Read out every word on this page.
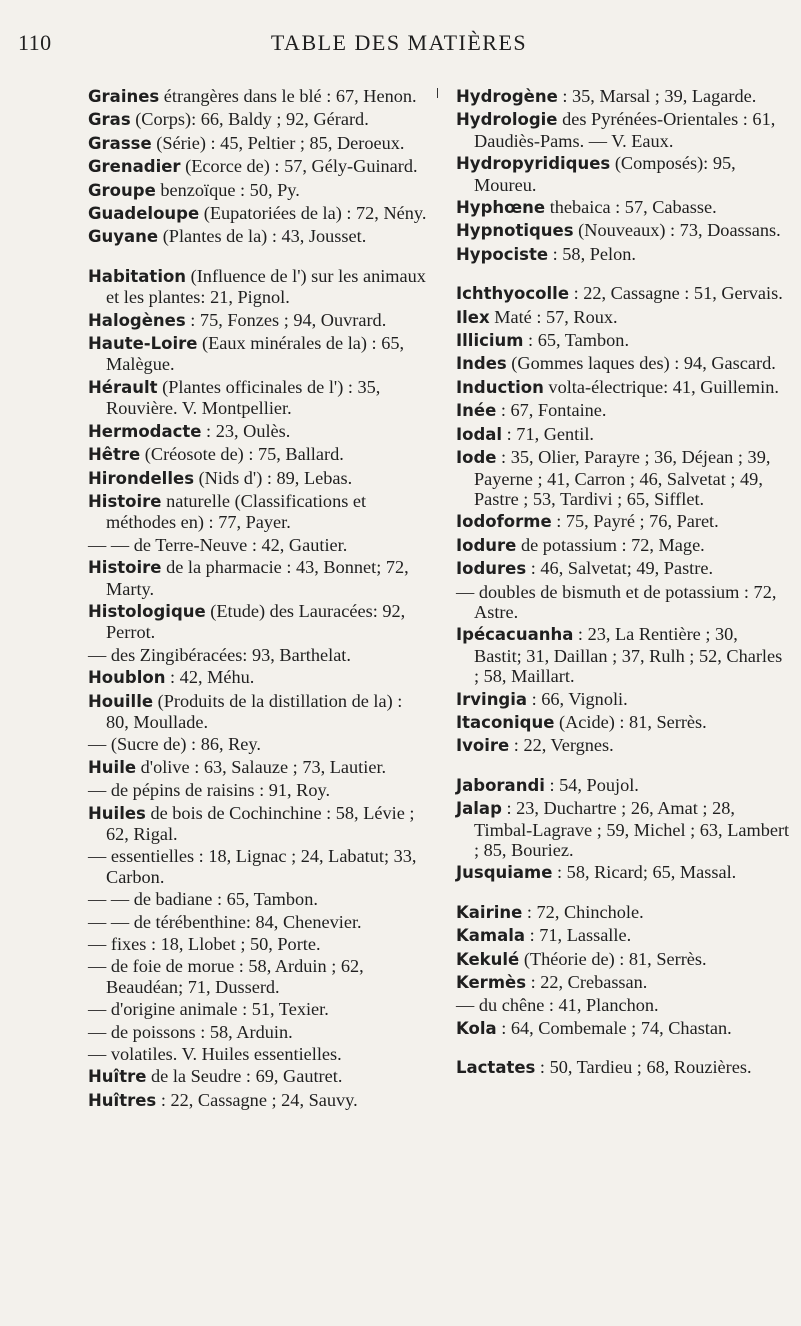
110	TABLE DES MATIÈRES
Graines étrangères dans le blé : 67, Henon.
Gras (Corps): 66, Baldy ; 92, Gérard.
Grasse (Série) : 45, Peltier ; 85, Deroeux.
Grenadier (Ecorce de) : 57, Gély-Guinard.
Groupe benzoïque : 50, Py.
Guadeloupe (Eupatoriées de la) : 72, Nény.
Guyane (Plantes de la) : 43, Jousset.
Habitation (Influence de l') sur les animaux et les plantes: 21, Pignol.
Halogènes : 75, Fonzes ; 94, Ouvrard.
Haute-Loire (Eaux minérales de la) : 65, Malègue.
Hérault (Plantes officinales de l') : 35, Rouvière. V. Montpellier.
Hermodacte : 23, Oulès.
Hêtre (Créosote de) : 75, Ballard.
Hirondelles (Nids d') : 89, Lebas.
Histoire naturelle (Classifications et méthodes en) : 77, Payer.
— — de Terre-Neuve : 42, Gautier.
Histoire de la pharmacie : 43, Bonnet; 72, Marty.
Histologique (Etude) des Lauracées: 92, Perrot.
— des Zingibéracées: 93, Barthelat.
Houblon : 42, Méhu.
Houille (Produits de la distillation de la) : 80, Moullade.
— (Sucre de) : 86, Rey.
Huile d'olive : 63, Salauze ; 73, Lautier.
— de pépins de raisins : 91, Roy.
Huiles de bois de Cochinchine : 58, Lévie ; 62, Rigal.
— essentielles : 18, Lignac ; 24, Labatut; 33, Carbon.
— — de badiane : 65, Tambon.
— — de térébenthine: 84, Chenevier.
— fixes : 18, Llobet ; 50, Porte.
— de foie de morue : 58, Arduin ; 62, Beaudéan; 71, Dusserd.
— d'origine animale : 51, Texier.
— de poissons : 58, Arduin.
— volatiles. V. Huiles essentielles.
Huître de la Seudre : 69, Gautret.
Huîtres : 22, Cassagne ; 24, Sauvy.
Hydrogène : 35, Marsal ; 39, Lagarde.
Hydrologie des Pyrénées-Orientales : 61, Daudiès-Pams. — V. Eaux.
Hydropyridiques (Composés): 95, Moureu.
Hyphœne thebaica : 57, Cabasse.
Hypnotiques (Nouveaux) : 73, Doassans.
Hypociste : 58, Pelon.
Ichthyocolle : 22, Cassagne : 51, Gervais.
Ilex Maté : 57, Roux.
Illicium : 65, Tambon.
Indes (Gommes laques des) : 94, Gascard.
Induction volta-électrique: 41, Guillemin.
Inée : 67, Fontaine.
Iodal : 71, Gentil.
Iode : 35, Olier, Parayre ; 36, Déjean ; 39, Payerne ; 41, Carron ; 46, Salvetat ; 49, Pastre ; 53, Tardivi ; 65, Sifflet.
Iodoforme : 75, Payré ; 76, Paret.
Iodure de potassium : 72, Mage.
Iodures : 46, Salvetat; 49, Pastre.
— doubles de bismuth et de potassium : 72, Astre.
Ipécacuanha : 23, La Rentière ; 30, Bastit; 31, Daillan ; 37, Rulh ; 52, Charles ; 58, Maillart.
Irvingia : 66, Vignoli.
Itaconique (Acide) : 81, Serrès.
Ivoire : 22, Vergnes.
Jaborandi : 54, Poujol.
Jalap : 23, Duchartre ; 26, Amat ; 28, Timbal-Lagrave ; 59, Michel ; 63, Lambert ; 85, Bouriez.
Jusquiame : 58, Ricard; 65, Massal.
Kairine : 72, Chinchole.
Kamala : 71, Lassalle.
Kekulé (Théorie de) : 81, Serrès.
Kermès : 22, Crebassan.
— du chêne : 41, Planchon.
Kola : 64, Combemale ; 74, Chastan.
Lactates : 50, Tardieu ; 68, Rouzières.
